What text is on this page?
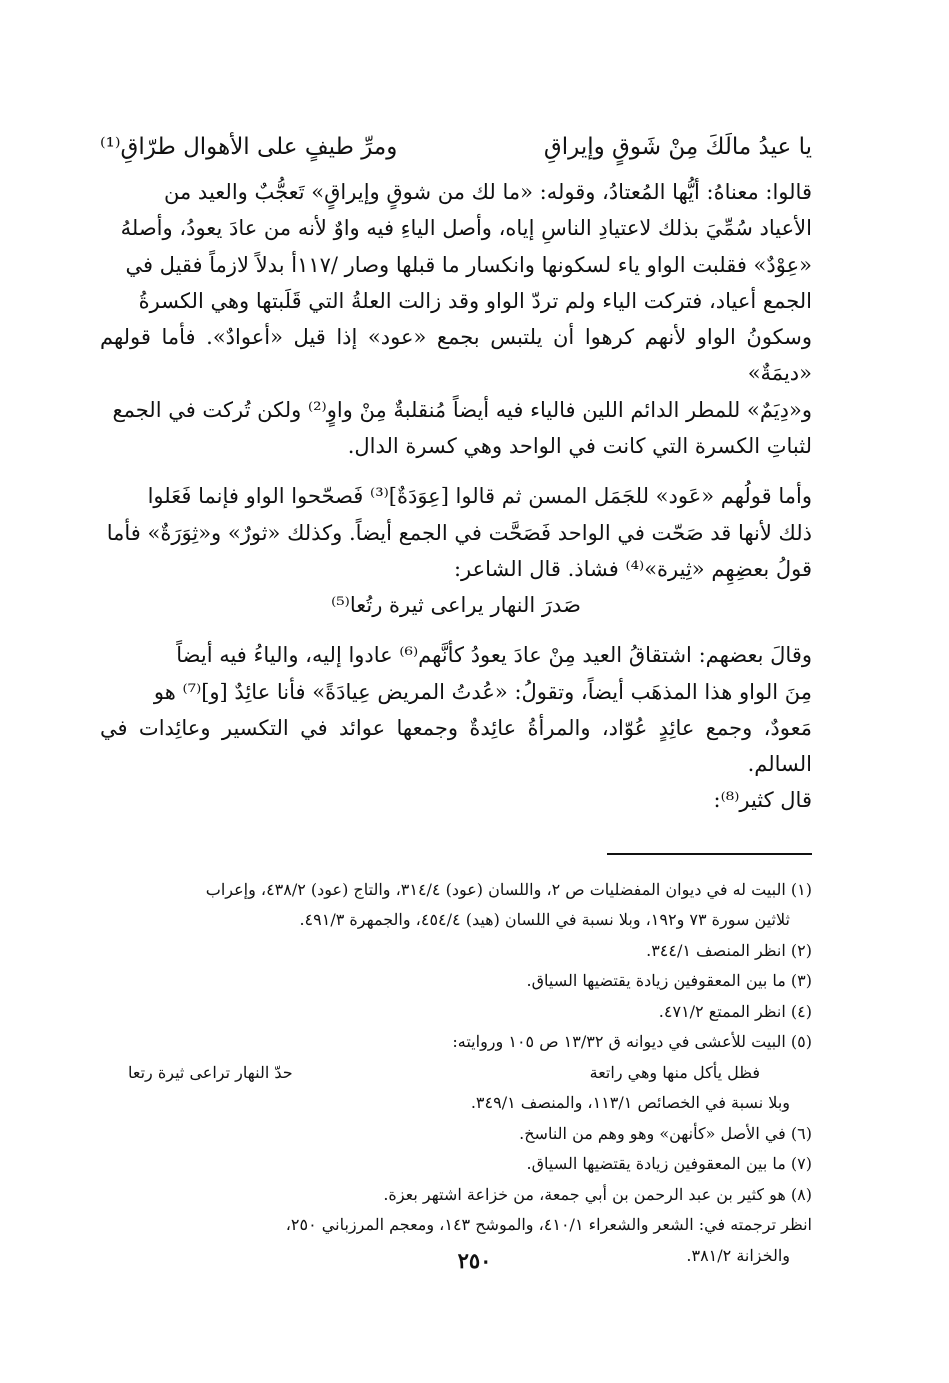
يا عيدُ مالَكَ مِنْ شَوقٍ وإيراقِ
ومرِّ طيفٍ على الأهوال طرّاقِ⁽¹⁾

قالوا: معناهُ: أيُّها المُعتادُ، وقوله: «ما لك من شوقٍ وإيراقٍ» تَعجُّبٌ والعيد من
الأعياد سُمِّيَ بذلك لاعتيادِ الناسِ إياه، وأصل الياءِ فيه واوٌ لأنه من عادَ يعودُ، وأصلهُ
«عِوْدٌ» فقلبت الواو ياء لسكونها وانكسار ما قبلها وصار /١١٧أ بدلاً لازماً فقيل في
الجمع أعياد، فتركت الياء ولم تردّ الواو وقد زالت العلةُ التي قَلَبتها وهي الكسرةُ
وسكونُ الواو لأنهم كرهوا أن يلتبس بجمع «عود» إذا قيل «أعوادٌ». فأما قولهم «ديمَةٌ»
و«دِيَمٌ» للمطر الدائم اللين فالياء فيه أيضاً مُنقلبةٌ مِنْ واوٍ⁽²⁾ ولكن تُركت في الجمع
لثباتِ الكسرة التي كانت في الواحد وهي كسرة الدال.

وأما قولُهم «عَود» للجَمَل المسن ثم قالوا [عِوَدَةٌ]⁽³⁾ فَصحّحوا الواو فإنما فَعَلوا
ذلك لأنها قد صَحّت في الواحد فَصَحَّت في الجمع أيضاً. وكذلك «ثورٌ» و«ثِوَرَةٌ» فأما
قولُ بعضِهِم «ثِيرة»⁽⁴⁾ فشاذ. قال الشاعر:

صَدرَ النهار يراعى ثيرة رتُعا⁽⁵⁾

وقالَ بعضهم: اشتقاقُ العيد مِنْ عادَ يعودُ كأنَّهم⁽⁶⁾ عادوا إليه، والياءُ فيه أيضاً
مِنَ الواو هذا المذهَب أيضاً، وتقولُ: «عُدتُ المريض عِيادَةً» فأنا عائِدٌ [و]⁽⁷⁾ هو
مَعودٌ، وجمع عائِدٍ عُوّاد، والمرأةُ عائِدةٌ وجمعها عوائد في التكسير وعائِدات في السالم.
قال كثير⁽⁸⁾:

(١) البيت له في ديوان المفضليات ص ٢، واللسان (عود) ٣١٤/٤، والتاج (عود) ٤٣٨/٢، وإعراب
ثلاثين سورة ٧٣ و١٩٢، وبلا نسبة في اللسان (هيد) ٤٥٤/٤، والجمهرة ٤٩١/٣.

(٢) انظر المنصف ٣٤٤/١.

(٣) ما بين المعقوفين زيادة يقتضيها السياق.

(٤) انظر الممتع ٤٧١/٢.

(٥) البيت للأعشى في ديوانه ق ١٣/٣٢ ص ١٠٥ وروايته:

فظل يأكل منها وهي راتعة
حدّ النهار تراعى ثيرة رتعا

وبلا نسبة في الخصائص ١١٣/١، والمنصف ٣٤٩/١.

(٦) في الأصل «كأنهن» وهو وهم من الناسخ.

(٧) ما بين المعقوفين زيادة يقتضيها السياق.

(٨) هو كثير بن عبد الرحمن بن أبي جمعة، من خزاعة اشتهر بعزة.

انظر ترجمته في: الشعر والشعراء ٤١٠/١، والموشح ١٤٣، ومعجم المرزباني ٢٥٠،
والخزانة ٣٨١/٢.

٢٥٠
